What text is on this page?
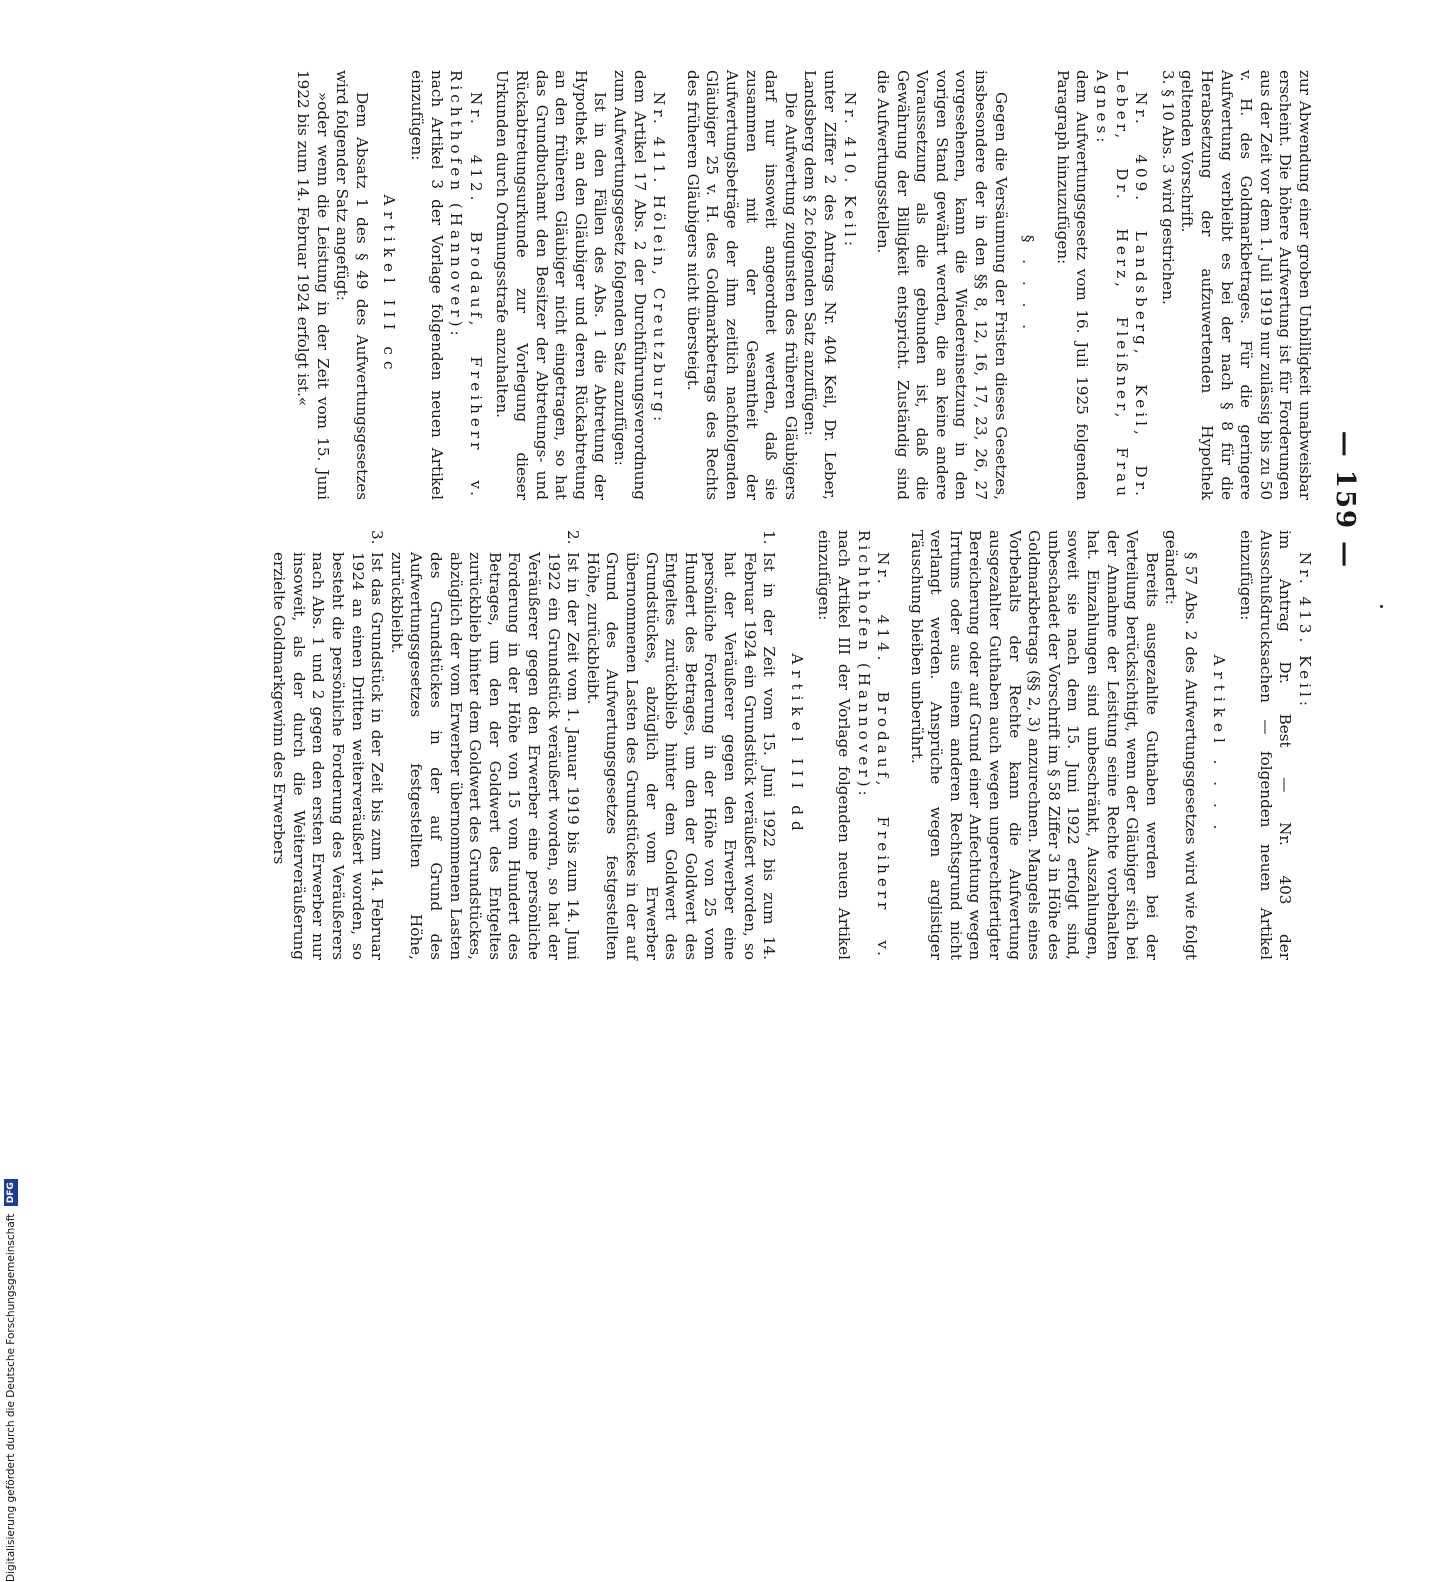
— 159 —

zur Abwendung einer groben Unbilligkeit unabweisbar erscheint. Die höhere Aufwertung ist für Forderungen aus der Zeit vor dem 1. Juli 1919 nur zulässig bis zu 50 v. H. des Goldmarkbetrages. Für die geringere Aufwertung verbleibt es bei der nach § 8 für die Herabsetzung der aufzuwertenden Hypothek geltenden Vorschrift.

3. § 10 Abs. 3 wird gestrichen.

Nr. 409. Landsberg, Keil, Dr. Leber, Dr. Herz, Fleißner, Frau Agnes:

dem Aufwertungsgesetz vom 16. Juli 1925 folgenden Paragraph hinzuzufügen:

§ . . . .

Gegen die Versäumung der Fristen dieses Gesetzes, insbesondere der in den §§ 8, 12, 16, 17, 23, 26, 27 vorgesehenen, kann die Wiedereinsetzung in den vorigen Stand gewährt werden, die an keine andere Voraussetzung als die gebunden ist, daß die Gewährung der Billigkeit entspricht. Zuständig sind die Aufwertungsstellen.

Nr. 410. Keil:

unter Ziffer 2 des Antrags Nr. 404 Keil, Dr. Leber, Landsberg dem § 2c folgenden Satz anzufügen:

Die Aufwertung zugunsten des früheren Gläubigers darf nur insoweit angeordnet werden, daß sie zusammen mit der Gesamtheit der Aufwertungsbeträge der ihm zeitlich nachfolgenden Gläubiger 25 v. H. des Goldmarkbetrags des Rechts des früheren Gläubigers nicht übersteigt.

Nr. 411. Hölein, Creutzburg:

dem Artikel 17 Abs. 2 der Durchführungsverordnung zum Aufwertungsgesetz folgenden Satz anzufügen:

Ist in den Fällen des Abs. 1 die Abtretung der Hypothek an den Gläubiger und deren Rückabtretung an den früheren Gläubiger nicht eingetragen, so hat das Grundbuchamt den Besitzer der Abtretungs- und Rückabtretungsurkunde zur Vorlegung dieser Urkunden durch Ordnungsstrafe anzuhalten.

Nr. 412. Brodauf, Freiherr v. Richthofen (Hannover):

nach Artikel 3 der Vorlage folgenden neuen Artikel einzufügen:

Artikel III cc

Dem Absatz 1 des § 49 des Aufwertungsgesetzes wird folgender Satz angefügt:

»oder wenn die Leistung in der Zeit vom 15. Juni 1922 bis zum 14. Februar 1924 erfolgt ist.«

Nr. 413. Keil:

im Antrag Dr. Best — Nr. 403 der Ausschußdrucksachen — folgenden neuen Artikel einzufügen:

Artikel . . . .

§ 57 Abs. 2 des Aufwertungsgesetzes wird wie folgt geändert:

Bereits ausgezahlte Guthaben werden bei der Verteilung berücksichtigt, wenn der Gläubiger sich bei der Annahme der Leistung seine Rechte vorbehalten hat. Einzahlungen sind unbeschränkt, Auszahlungen, soweit sie nach dem 15. Juni 1922 erfolgt sind, unbeschadet der Vorschrift im § 58 Ziffer 3 in Höhe des Goldmarkbetrags (§§ 2, 3) anzurechnen. Mangels eines Vorbehalts der Rechte kann die Aufwertung ausgezahlter Guthaben auch wegen ungerechtfertigter Bereicherung oder auf Grund einer Anfechtung wegen Irrtums oder aus einem anderen Rechtsgrund nicht verlangt werden. Ansprüche wegen arglistiger Täuschung bleiben unberührt.

Nr. 414. Brodauf, Freiherr v. Richthofen (Hannover):

nach Artikel III der Vorlage folgenden neuen Artikel einzufügen:

Artikel III dd

1.Ist in der Zeit vom 15. Juni 1922 bis zum 14. Februar 1924 ein Grundstück veräußert worden, so hat der Veräußerer gegen den Erwerber eine persönliche Forderung in der Höhe von 25 vom Hundert des Betrages, um den der Goldwert des Entgeltes zurückblieb hinter dem Goldwert des Grundstückes, abzüglich der vom Erwerber übernommenen Lasten des Grundstückes in der auf Grund des Aufwertungsgesetzes festgestellten Höhe, zurückbleibt.

2.Ist in der Zeit vom 1. Januar 1919 bis zum 14. Juni 1922 ein Grundstück veräußert worden, so hat der Veräußerer gegen den Erwerber eine persönliche Forderung in der Höhe von 15 vom Hundert des Betrages, um den der Goldwert des Entgeltes zurückblieb hinter dem Goldwert des Grundstückes, abzüglich der vom Erwerber übernommenen Lasten des Grundstückes in der auf Grund des Aufwertungsgesetzes festgestellten Höhe, zurückbleibt.

3.Ist das Grundstück in der Zeit bis zum 14. Februar 1924 an einen Dritten weiterveräußert worden, so besteht die persönliche Forderung des Veräußerers nach Abs. 1 und 2 gegen den ersten Erwerber nur insoweit, als der durch die Weiterveräußerung erzielte Goldmarkgewinn des Erwerbers

Digitalisierung gefördert durch die Deutsche Forschungsgemeinschaft DFG
